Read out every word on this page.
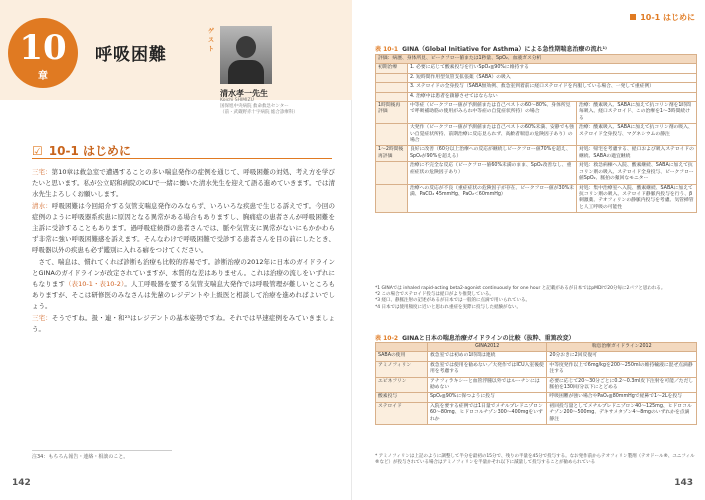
10
章
呼吸困難
ゲスト
清水孝一先生
Koichi SHIMIZU
国保旭中央病院 救命救急センター
（前・武蔵野赤十字病院 総合診療科）
☑ 10-1 はじめに

三宅：第10章は救急室で遭遇することの多い喘息発作の症例を通じて、呼吸困難の対処、考え方を学びたいと思います。私が公立昭和病院のICUで一緒に働いた清水先生を迎えて語る進めていきます。では清水先生よろしくお願いします。

清水：呼吸困難は今回紹介する気管支喘息発作のみならず、いろいろな疾患で生じる訴えです。今回の症例のように呼吸器系疾患に原因となる異常がある場合もありますし、胸痛症の患者さんが呼吸困難を主訴に受診することもあります。過呼吸症候群の患者さんでは、脈や気管支に異常がないにもかかわらず非常に強い呼吸困難感を訴えます。そんなわけで呼吸困難で受診する患者さんを目の前にしたとき、呼吸器以外の疾患も必ず鑑別に入れる癖をつけてください。

　さて、喘息は、慣れてくれば診断も治療も比較的容易です。診断治療の2012年に日本のガイドラインとGINAのガイドラインが改定されていますが、本質的な差はありません。これは治療の流しをいずれにもなります（表10-1・表10-2）。人工呼吸器を要する気管支喘息大発作では呼吸管理が難しいところもありますが、そこは研修医のみなさんは先輩のレジデントや上級医と相談して治療を進めればよいでしょう。

三宅：そうですね。扱・連・和²³はレジデントの基本姿勢ですね。それでは早速症例をみていきましょう。

注34：もちろん報告・連絡・相談のこと。
142
10-1 はじめに
表 10-1 GINA（Global Initiative for Asthma）による急性期喘息治療の流れ¹⁾
評価：病歴、身体所見、ピークフロー値または1秒量、SpO₂、血液ガス分析		
初期治療	1. 必要に応じて酸素投与を行いSpO₂≧90%に維持する	
	2. 短時間作用型気管支拡張薬（SABA）の吸入	
	3. ステロイドの全身投与（SABA無効例、救急室到着前に経口ステロイドを内服している場合、一発して重症例）	
	4. 治療中は患者を鎮静させてはならない	
1時間後再評価	中等症（ピークフロー値が予測値または自己ベストの60～80%、身体所見で呼吸補助筋の使用がみられ中等症の自覚症状所持）の場合	治療：酸素吸入、SABAに加えて抗コリン剤を1時間毎吸入、経口ステロイド、この治療を1～3時間続ける
	大発作（ピークフロー値が予測値または自己ベストの60%未満、安静でも強い自覚症状所持、前期治療に反応見られず、高齢者喘息の危険因子あり）の場合	治療：酸素吸入、SABAに加えて抗コリン剤の吸入、ステロイド全身投与、マグネシウムの静注
1～2時間後再評価	良好に改善（60分以上治療への反応が継続しピークフロー値70%を超え、SpO₂が90%を超える）	対処：帰宅を考慮する、経口および吸入ステロイドの継続、SABAの適宜継続
	治療に不完全な反応（ピークフロー値60%未満のまま、SpO₂改善なし、重症症状の危険因子あり）	対処：救急病棟へ入院、酸素継続、SABAに加えて抗コリン剤の吸入、ステロイド全身投与、ピークフロー値SpO₂、脈拍の頻回なモニター
	治療への反応が不良（重症症状の危険因子が存在、ピークフロー値が30%未満、PaCO₂ 45mmHg、PaO₂＜60mmHg）	対処：集中治療室へ入院、酸素継続、SABAに加えて抗コリン剤の吸入、ステロイド静脈内投与を行う、β刺激薬、テオフィリンの静脈内投与を考慮、気管挿管と人工呼吸の可能性
*1 GINAでは inhaled rapid-acting beta2-agonist continuously for one hour と記載があるが日本ではpMDIで20分毎に2パフと思われる。
*2 この場合でステロイド投与は経口がより推奨している。
*3 経口、静脈注射の記述があるが日本では一般的に点滴で用いられている。
*4 日本では使用頻度に近いと思われ重症を実際に投与した経験がない。
表 10-2 GINAと日本の喘息治療ガイドラインの比較（抜粋、重篤改変）
	GINA2012	喘息治療ガイドライン2012
SABAの使用	救急室では初めの1時間は連続	20分おきに2回反復可
アミノフィリン	救急室では使用を勧めない／大発作ではICU入室後使用を考慮する	中等度発作以上で6mg/kgを200～250mlの維持輸液に混ぜ点滴静注する
エピネフリン	アナフィラキシーと血管浮腫以外ではルーチンには勧めない	必要に応じて20～30分ごとに0.2～0.3ml皮下注射を可能／ただし脈拍を130回/分以下にとどめる
酸素投与	SpO₂≧90%に保つように投与	呼吸困難が強い場合やPaO₂≦80mmHgで経鼻で1～2Lを投与
ステロイド	入院を要する症例では1日量でメチルプレドニゾロン60～80mg、ヒドロコルチゾン300～400mgをいずれか	初回投与量としてメチルプレドニゾロン40～125mg、ヒドロコルチゾン200～500mg、デキサメタゾン4～8mgのいずれかを点滴静注
* アミノフィリンは上記のように調整して半分を最初の15分で、残りの半量を45分で投与する。なお発作前からテオフィリン製剤（テオドール®、ユニフィル®など）が投与されている場合はアミノフィリンを半量かそれ以下に減量して投与することが勧められている
143
